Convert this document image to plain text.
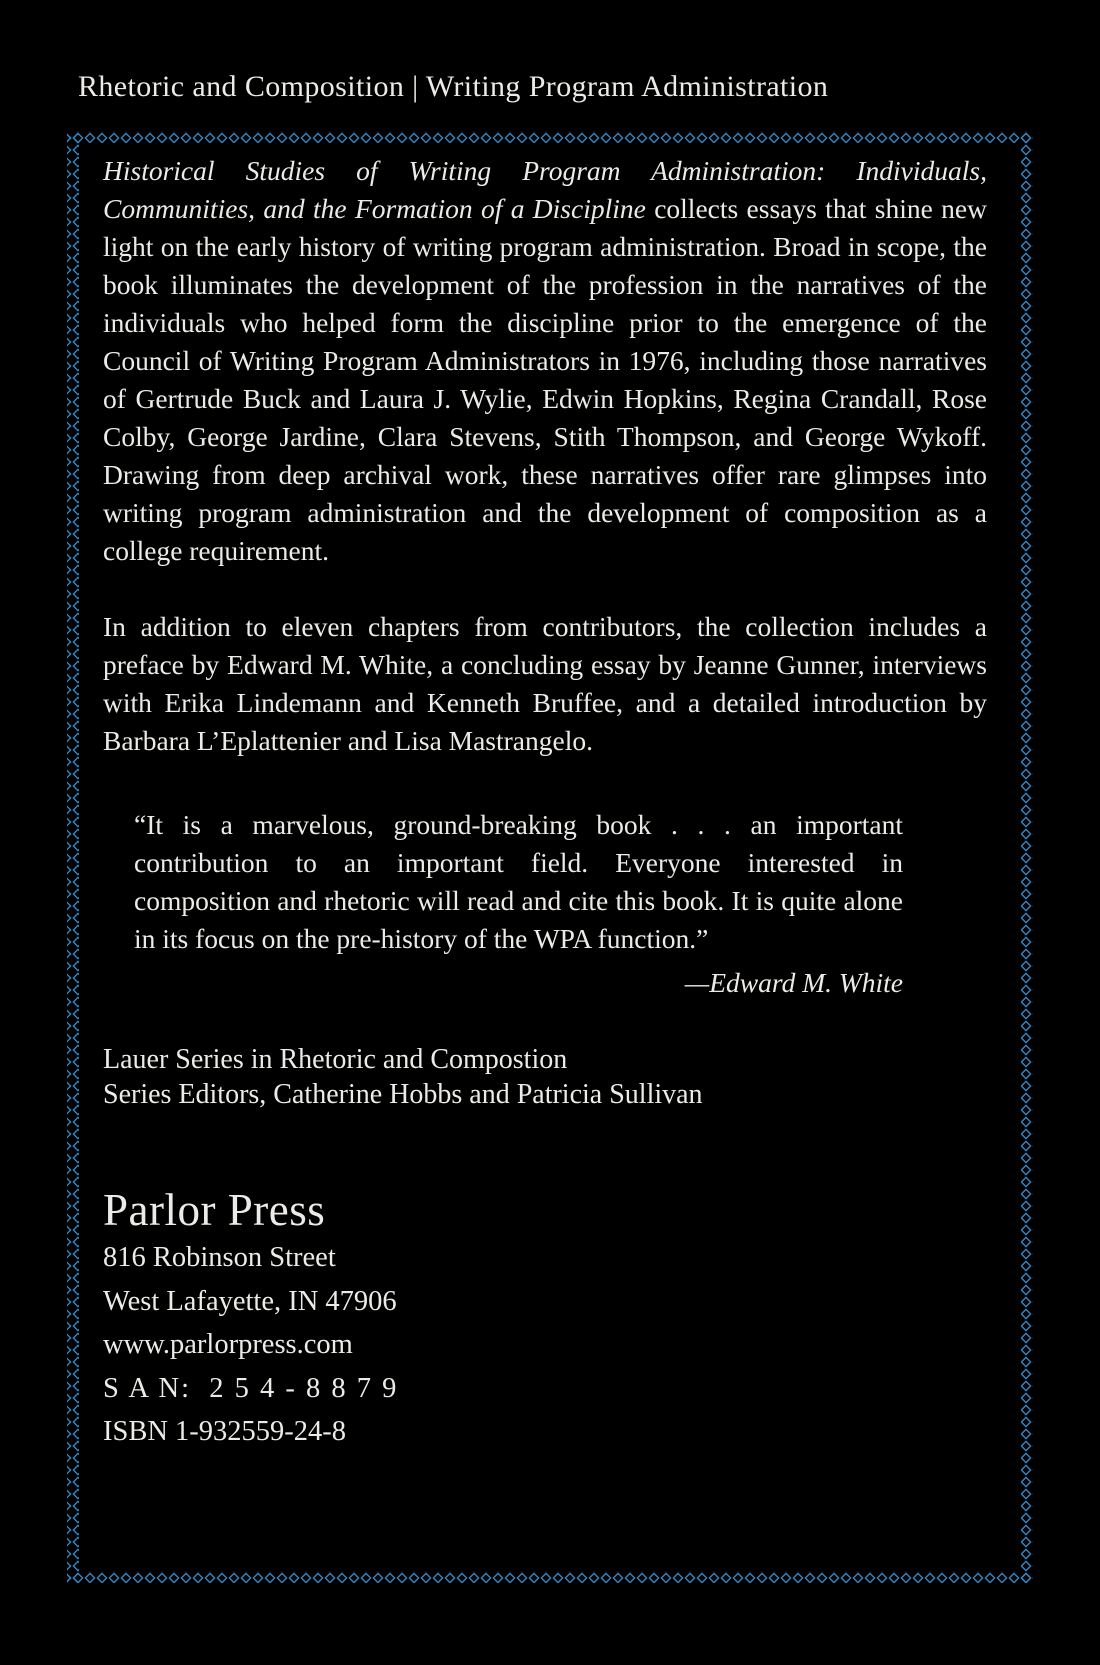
Rhetoric and Composition | Writing Program Administration

Historical Studies of Writing Program Administration: Individuals, Communities, and the Formation of a Discipline collects essays that shine new light on the early history of writing program administration. Broad in scope, the book illuminates the development of the profession in the narratives of the individuals who helped form the discipline prior to the emergence of the Council of Writing Program Administrators in 1976, including those narratives of Gertrude Buck and Laura J. Wylie, Edwin Hopkins, Regina Crandall, Rose Colby, George Jardine, Clara Stevens, Stith Thompson, and George Wykoff. Drawing from deep archival work, these narratives offer rare glimpses into writing program administration and the development of composition as a college requirement.

In addition to eleven chapters from contributors, the collection includes a preface by Edward M. White, a concluding essay by Jeanne Gunner, interviews with Erika Lindemann and Kenneth Bruffee, and a detailed introduction by Barbara L’Eplattenier and Lisa Mastrangelo.

“It is a marvelous, ground-breaking book . . . an important contribution to an important field. Everyone interested in composition and rhetoric will read and cite this book. It is quite alone in its focus on the pre-history of the WPA function.”

—Edward M. White

Lauer Series in Rhetoric and Compostion
Series Editors, Catherine Hobbs and Patricia Sullivan
Parlor Press
816 Robinson Street
West Lafayette, IN 47906
www.parlorpress.com
S A N:  2 5 4 - 8 8 7 9
ISBN 1-932559-24-8
